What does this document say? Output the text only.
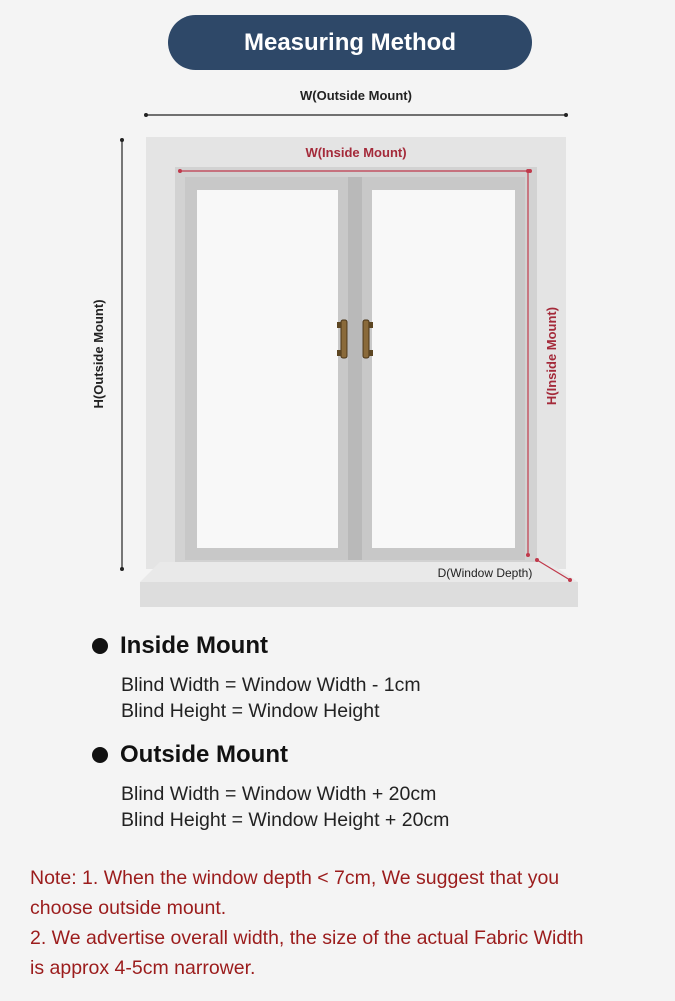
Measuring Method
W(Outside Mount)
H(Outside Mount)
W(Inside Mount)
H(Inside Mount)
D(Window Depth)
Inside Mount
Blind Width = Window Width - 1cm
Blind Height = Window Height
Outside Mount
Blind Width = Window Width + 20cm
Blind Height = Window Height + 20cm
Note: 1. When the window depth < 7cm, We suggest that you
choose outside mount.
2. We advertise overall width, the size of the actual Fabric Width
is approx 4-5cm narrower.
